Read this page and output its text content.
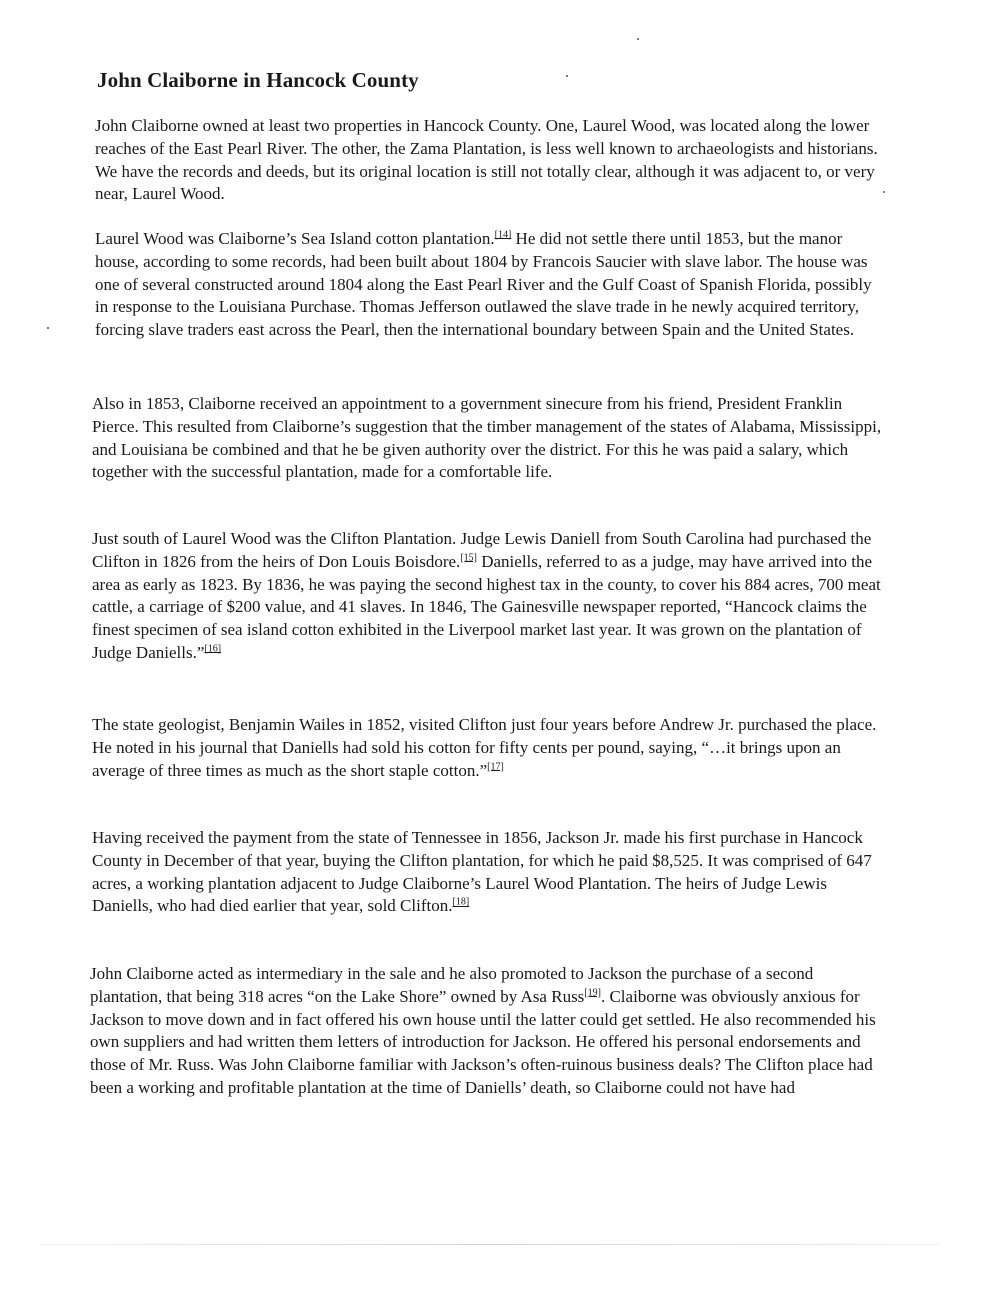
John Claiborne in Hancock County

John Claiborne owned at least two properties in Hancock County. One, Laurel Wood, was located along the lower reaches of the East Pearl River. The other, the Zama Plantation, is less well known to archaeologists and historians. We have the records and deeds, but its original location is still not totally clear, although it was adjacent to, or very near, Laurel Wood.

Laurel Wood was Claiborne’s Sea Island cotton plantation.[14] He did not settle there until 1853, but the manor house, according to some records, had been built about 1804 by Francois Saucier with slave labor. The house was one of several constructed around 1804 along the East Pearl River and the Gulf Coast of Spanish Florida, possibly in response to the Louisiana Purchase. Thomas Jefferson outlawed the slave trade in he newly acquired territory, forcing slave traders east across the Pearl, then the international boundary between Spain and the United States.

Also in 1853, Claiborne received an appointment to a government sinecure from his friend, President Franklin Pierce. This resulted from Claiborne’s suggestion that the timber management of the states of Alabama, Mississippi, and Louisiana be combined and that he be given authority over the district. For this he was paid a salary, which together with the successful plantation, made for a comfortable life.

Just south of Laurel Wood was the Clifton Plantation. Judge Lewis Daniell from South Carolina had purchased the Clifton in 1826 from the heirs of Don Louis Boisdore.[15] Daniells, referred to as a judge, may have arrived into the area as early as 1823. By 1836, he was paying the second highest tax in the county, to cover his 884 acres, 700 meat cattle, a carriage of $200 value, and 41 slaves. In 1846, The Gainesville newspaper reported, “Hancock claims the finest specimen of sea island cotton exhibited in the Liverpool market last year. It was grown on the plantation of Judge Daniells.”[16]

The state geologist, Benjamin Wailes in 1852, visited Clifton just four years before Andrew Jr. purchased the place. He noted in his journal that Daniells had sold his cotton for fifty cents per pound, saying, “…it brings upon an average of three times as much as the short staple cotton.”[17]

Having received the payment from the state of Tennessee in 1856, Jackson Jr. made his first purchase in Hancock County in December of that year, buying the Clifton plantation, for which he paid $8,525. It was comprised of 647 acres, a working plantation adjacent to Judge Claiborne’s Laurel Wood Plantation. The heirs of Judge Lewis Daniells, who had died earlier that year, sold Clifton.[18]

John Claiborne acted as intermediary in the sale and he also promoted to Jackson the purchase of a second plantation, that being 318 acres “on the Lake Shore” owned by Asa Russ[19]. Claiborne was obviously anxious for Jackson to move down and in fact offered his own house until the latter could get settled. He also recommended his own suppliers and had written them letters of introduction for Jackson. He offered his personal endorsements and those of Mr. Russ. Was John Claiborne familiar with Jackson’s often-ruinous business deals? The Clifton place had been a working and profitable plantation at the time of Daniells’ death, so Claiborne could not have had
